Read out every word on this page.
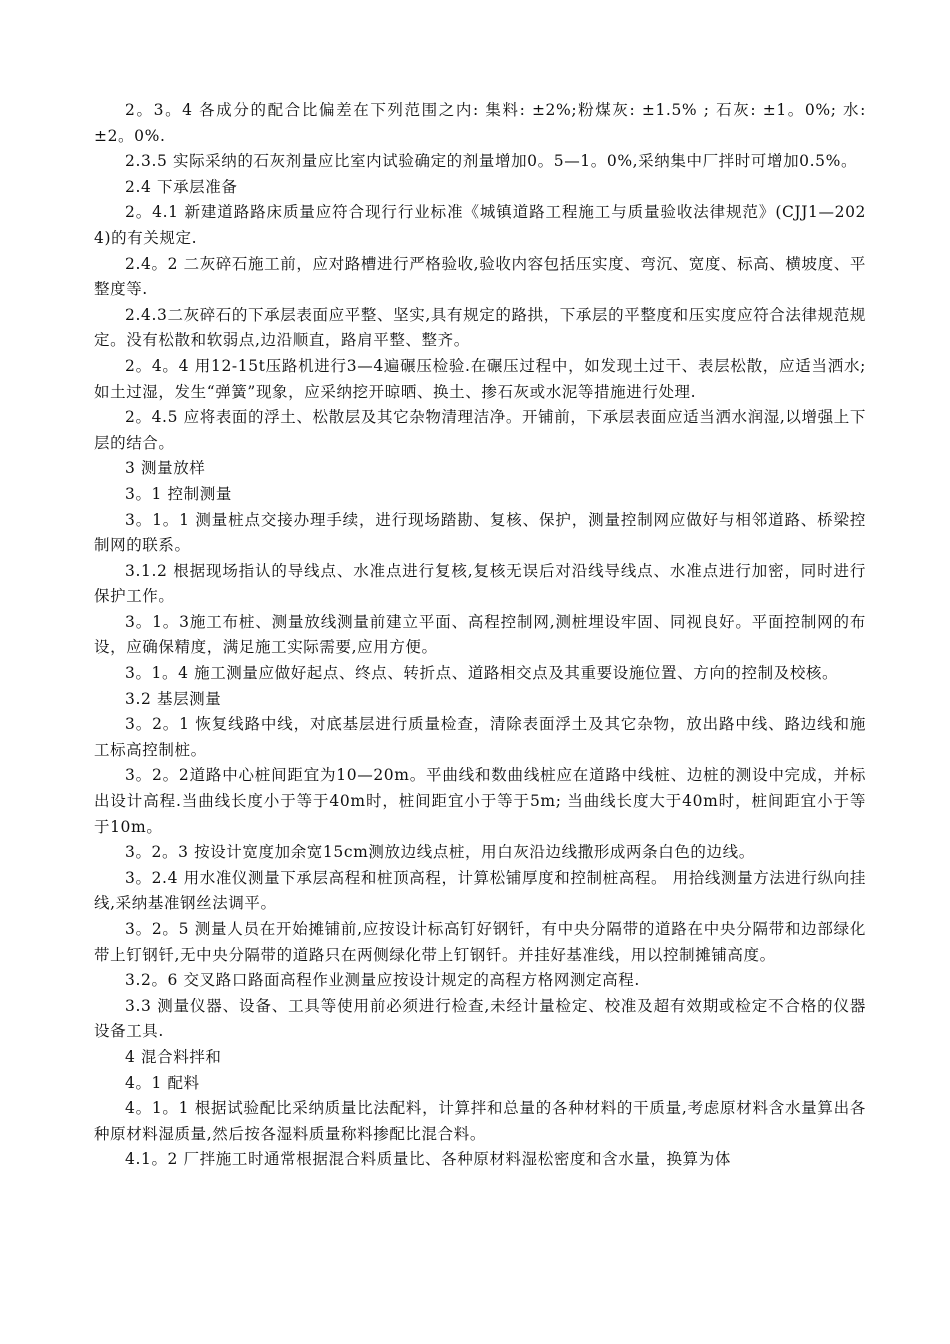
2。3。4 各成分的配合比偏差在下列范围之内: 集料: ±2%;粉煤灰: ±1.5% ; 石灰: ±1。0%; 水: ±2。0%.

2.3.5 实际采纳的石灰剂量应比室内试验确定的剂量增加0。5—1。0%,采纳集中厂拌时可增加0.5%。

2.4 下承层准备

2。4.1 新建道路路床质量应符合现行行业标准《城镇道路工程施工与质量验收法律规范》(CJJ1—2024)的有关规定.

2.4。2 二灰碎石施工前，应对路槽进行严格验收,验收内容包括压实度、弯沉、宽度、标高、横坡度、平整度等.

2.4.3二灰碎石的下承层表面应平整、坚实,具有规定的路拱，下承层的平整度和压实度应符合法律规范规定。没有松散和软弱点,边沿顺直，路肩平整、整齐。

2。4。4 用12-15t压路机进行3—4遍碾压检验.在碾压过程中，如发现土过干、表层松散，应适当洒水;如土过湿，发生“弹簧”现象，应采纳挖开晾晒、换土、掺石灰或水泥等措施进行处理.

2。4.5 应将表面的浮土、松散层及其它杂物清理洁净。开铺前，下承层表面应适当洒水润湿,以增强上下层的结合。

3 测量放样

3。1 控制测量

3。1。1 测量桩点交接办理手续，进行现场踏勘、复核、保护，测量控制网应做好与相邻道路、桥梁控制网的联系。

3.1.2 根据现场指认的导线点、水准点进行复核,复核无误后对沿线导线点、水准点进行加密，同时进行保护工作。

3。1。3施工布桩、测量放线测量前建立平面、高程控制网,测桩埋设牢固、同视良好。平面控制网的布设，应确保精度，满足施工实际需要,应用方便。

3。1。4 施工测量应做好起点、终点、转折点、道路相交点及其重要设施位置、方向的控制及校核。

3.2 基层测量

3。2。1 恢复线路中线，对底基层进行质量检查，清除表面浮土及其它杂物，放出路中线、路边线和施工标高控制桩。

3。2。2道路中心桩间距宜为10—20m。平曲线和数曲线桩应在道路中线桩、边桩的测设中完成，并标出设计高程.当曲线长度小于等于40m时，桩间距宜小于等于5m; 当曲线长度大于40m时，桩间距宜小于等于10m。

3。2。3 按设计宽度加余宽15cm测放边线点桩，用白灰沿边线撒形成两条白色的边线。

3。2.4 用水准仪测量下承层高程和桩顶高程，计算松铺厚度和控制桩高程。 用拾线测量方法进行纵向挂线,采纳基准钢丝法调平。

3。2。5 测量人员在开始摊铺前,应按设计标高钉好钢钎，有中央分隔带的道路在中央分隔带和边部绿化带上钉钢钎,无中央分隔带的道路只在两侧绿化带上钉钢钎。并挂好基准线，用以控制摊铺高度。

3.2。6 交叉路口路面高程作业测量应按设计规定的高程方格网测定高程.

3.3 测量仪器、设备、工具等使用前必须进行检查,未经计量检定、校准及超有效期或检定不合格的仪器设备工具.

4 混合料拌和

4。1 配料

4。1。1 根据试验配比采纳质量比法配料，计算拌和总量的各种材料的干质量,考虑原材料含水量算出各种原材料湿质量,然后按各湿料质量称料掺配比混合料。

4.1。2 厂拌施工时通常根据混合料质量比、各种原材料湿松密度和含水量，换算为体
